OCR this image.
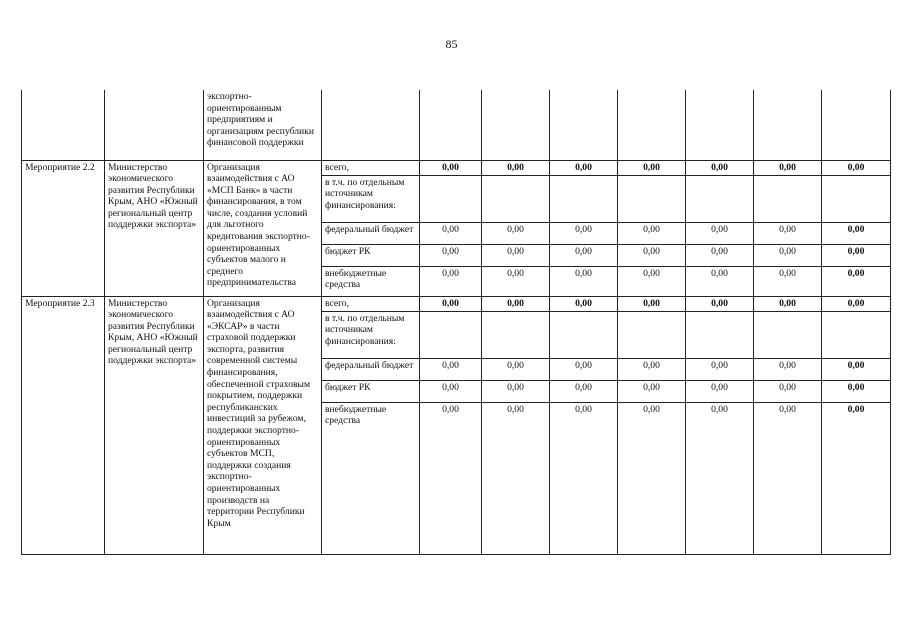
85
		экспортно-ориентированным предприятиям и организациям республики финансовой поддержки								
Мероприятие 2.2	Министерство экономического развития Республики Крым, АНО «Южный региональный центр поддержки экспорта»	Организация взаимодействия с АО «МСП Банк» в части финансирования, в том числе, создания условий для льготного кредитования экспортно-ориентированных субъектов малого и среднего предпринимательства	всего,	0,00	0,00	0,00	0,00	0,00	0,00	0,00
			в т.ч. по отдельным источникам финансирования:							
			федеральный бюджет	0,00	0,00	0,00	0,00	0,00	0,00	0,00
			бюджет РК	0,00	0,00	0,00	0,00	0,00	0,00	0,00
			внебюджетные средства	0,00	0,00	0,00	0,00	0,00	0,00	0,00
Мероприятие 2.3	Министерство экономического развития Республики Крым, АНО «Южный региональный центр поддержки экспорта»	Организация взаимодействия с АО «ЭКСАР» в части страховой поддержки экспорта, развития современной системы финансирования, обеспеченной страховым покрытием, поддержки республиканских инвестиций за рубежом, поддержки экспортно-ориентированных субъектов МСП, поддержки создания экспортно-ориентированных производств на территории Республики Крым	всего,	0,00	0,00	0,00	0,00	0,00	0,00	0,00
			в т.ч. по отдельным источникам финансирования:							
			федеральный бюджет	0,00	0,00	0,00	0,00	0,00	0,00	0,00
			бюджет РК	0,00	0,00	0,00	0,00	0,00	0,00	0,00
			внебюджетные средства	0,00	0,00	0,00	0,00	0,00	0,00	0,00
